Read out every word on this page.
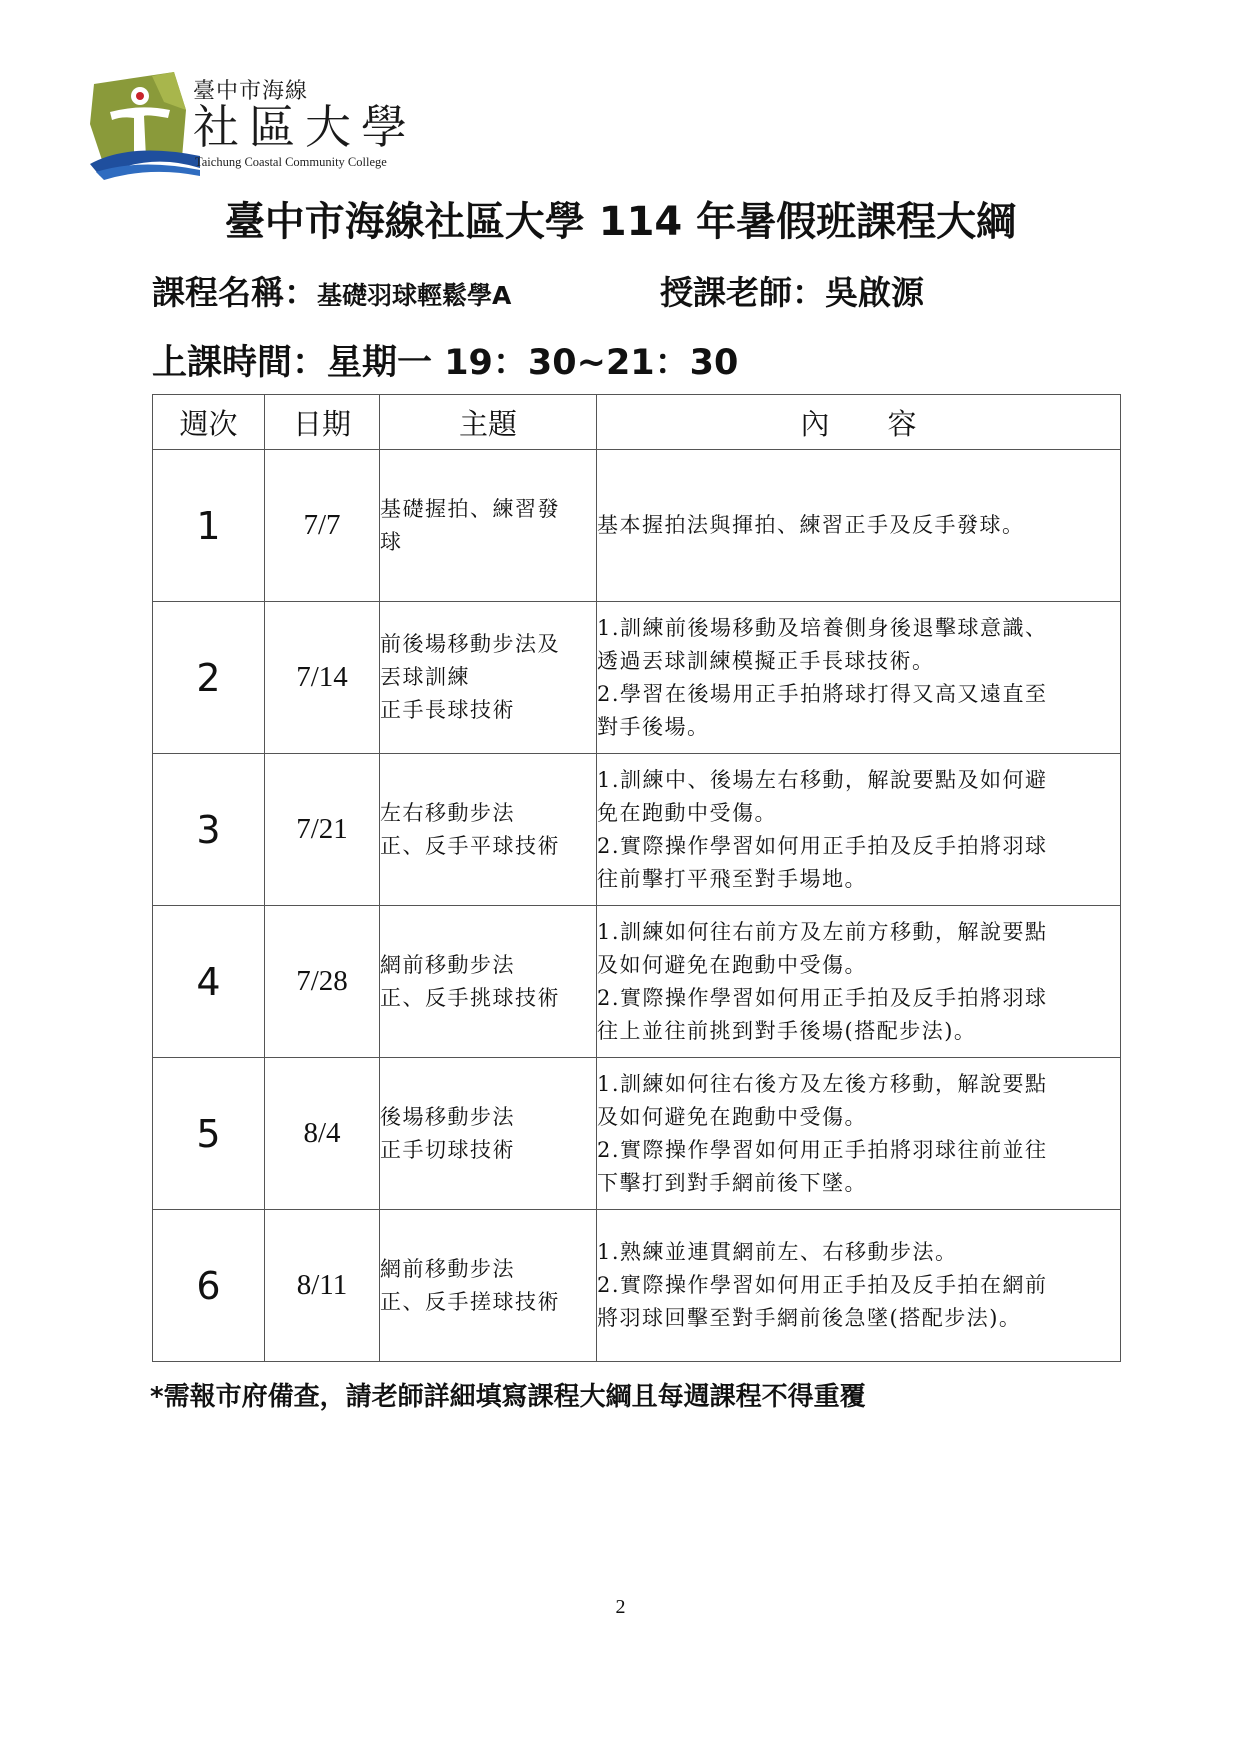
臺中市海線
社區大學
Taichung Coastal Community College
臺中市海線社區大學 114 年暑假班課程大綱
課程名稱：基礎羽球輕鬆學A	授課老師：吳啟源
上課時間：星期一 19：30~21：30
週次	日期	主題	內　　容
1	7/7	基礎握拍、練習發
球	基本握拍法與揮拍、練習正手及反手發球。

2	7/14	前後場移動步法及
丟球訓練
正手長球技術	1.訓練前後場移動及培養側身後退擊球意識、
透過丟球訓練模擬正手長球技術。
2.學習在後場用正手拍將球打得又高又遠直至
對手後場。

3	7/21	左右移動步法
正、反手平球技術	1.訓練中、後場左右移動，解說要點及如何避
免在跑動中受傷。
2.實際操作學習如何用正手拍及反手拍將羽球
往前擊打平飛至對手場地。

4	7/28	網前移動步法
正、反手挑球技術	1.訓練如何往右前方及左前方移動，解說要點
及如何避免在跑動中受傷。
2.實際操作學習如何用正手拍及反手拍將羽球
往上並往前挑到對手後場(搭配步法)。

5	8/4	後場移動步法
正手切球技術	1.訓練如何往右後方及左後方移動，解說要點
及如何避免在跑動中受傷。
2.實際操作學習如何用正手拍將羽球往前並往
下擊打到對手網前後下墜。

6	8/11	網前移動步法
正、反手搓球技術	1.熟練並連貫網前左、右移動步法。
2.實際操作學習如何用正手拍及反手拍在網前
將羽球回擊至對手網前後急墜(搭配步法)。
*需報市府備查，請老師詳細填寫課程大綱且每週課程不得重覆
2
